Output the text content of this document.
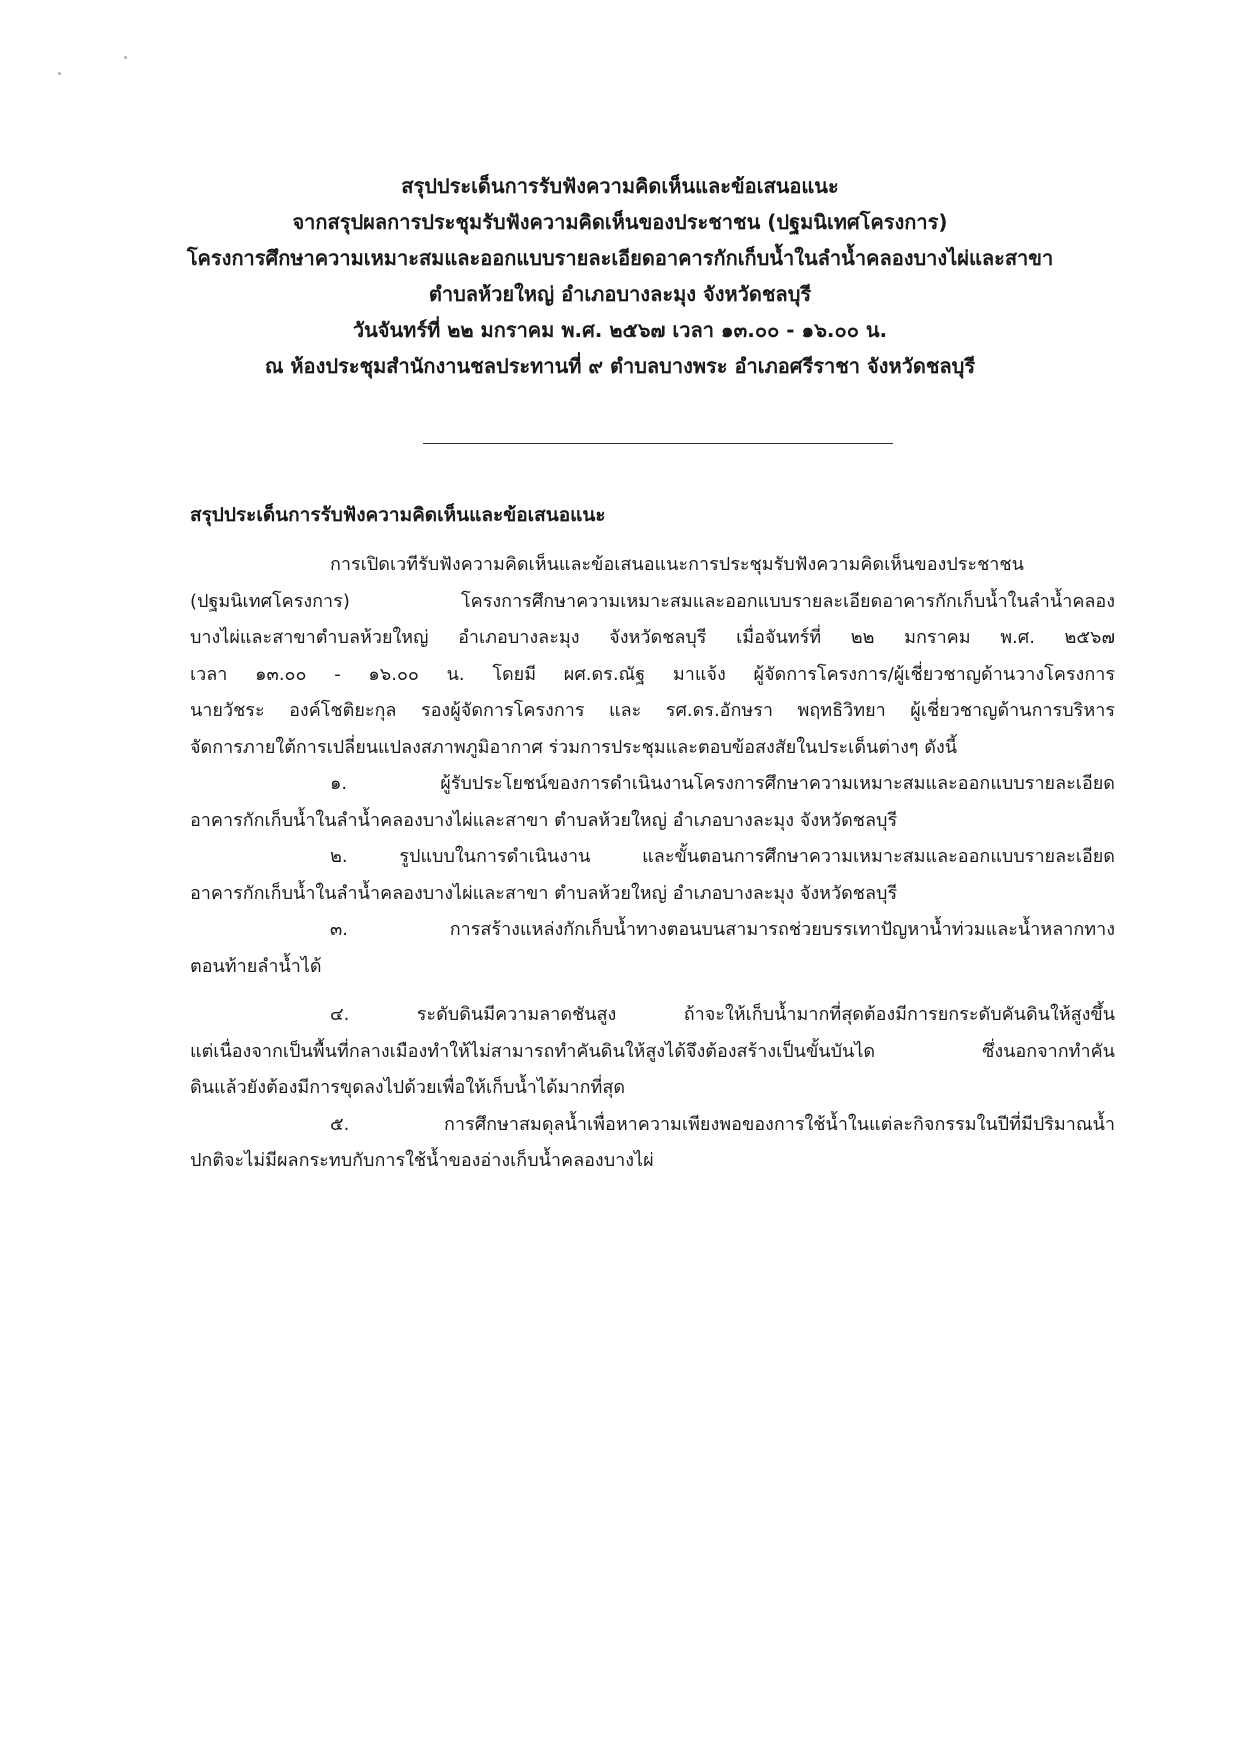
สรุปประเด็นการรับฟังความคิดเห็นและข้อเสนอแนะ
จากสรุปผลการประชุมรับฟังความคิดเห็นของประชาชน (ปฐมนิเทศโครงการ)
โครงการศึกษาความเหมาะสมและออกแบบรายละเอียดอาคารกักเก็บน้ำในลำน้ำคลองบางไผ่และสาขา
ตำบลห้วยใหญ่ อำเภอบางละมุง จังหวัดชลบุรี
วันจันทร์ที่ ๒๒ มกราคม พ.ศ. ๒๕๖๗ เวลา ๑๓.๐๐ - ๑๖.๐๐ น.
ณ ห้องประชุมสำนักงานชลประทานที่ ๙ ตำบลบางพระ อำเภอศรีราชา จังหวัดชลบุรี
สรุปประเด็นการรับฟังความคิดเห็นและข้อเสนอแนะ
การเปิดเวทีรับฟังความคิดเห็นและข้อเสนอแนะการประชุมรับฟังความคิดเห็นของประชาชน
(ปฐมนิเทศโครงการ) โครงการศึกษาความเหมาะสมและออกแบบรายละเอียดอาคารกักเก็บน้ำในลำน้ำคลอง
บางไผ่และสาขาตำบลห้วยใหญ่ อำเภอบางละมุง จังหวัดชลบุรี เมื่อจันทร์ที่ ๒๒ มกราคม พ.ศ. ๒๕๖๗
เวลา ๑๓.๐๐ - ๑๖.๐๐ น. โดยมี ผศ.ดร.ณัฐ มาแจ้ง ผู้จัดการโครงการ/ผู้เชี่ยวชาญด้านวางโครงการ
นายวัชระ องค์โชติยะกุล รองผู้จัดการโครงการ และ รศ.ดร.อักษรา พฤทธิวิทยา ผู้เชี่ยวชาญด้านการบริหาร
จัดการภายใต้การเปลี่ยนแปลงสภาพภูมิอากาศ ร่วมการประชุมและตอบข้อสงสัยในประเด็นต่างๆ ดังนี้
๑. ผู้รับประโยชน์ของการดำเนินงานโครงการศึกษาความเหมาะสมและออกแบบรายละเอียด
อาคารกักเก็บน้ำในลำน้ำคลองบางไผ่และสาขา ตำบลห้วยใหญ่ อำเภอบางละมุง จังหวัดชลบุรี
๒. รูปแบบในการดำเนินงาน และขั้นตอนการศึกษาความเหมาะสมและออกแบบรายละเอียด
อาคารกักเก็บน้ำในลำน้ำคลองบางไผ่และสาขา ตำบลห้วยใหญ่ อำเภอบางละมุง จังหวัดชลบุรี
๓. การสร้างแหล่งกักเก็บน้ำทางตอนบนสามารถช่วยบรรเทาปัญหาน้ำท่วมและน้ำหลากทาง
ตอนท้ายลำน้ำได้
๔. ระดับดินมีความลาดชันสูง ถ้าจะให้เก็บน้ำมากที่สุดต้องมีการยกระดับคันดินให้สูงขึ้น
แต่เนื่องจากเป็นพื้นที่กลางเมืองทำให้ไม่สามารถทำคันดินให้สูงได้จึงต้องสร้างเป็นขั้นบันได ซึ่งนอกจากทำคัน
ดินแล้วยังต้องมีการขุดลงไปด้วยเพื่อให้เก็บน้ำได้มากที่สุด
๕. การศึกษาสมดุลน้ำเพื่อหาความเพียงพอของการใช้น้ำในแต่ละกิจกรรมในปีที่มีปริมาณน้ำ
ปกติจะไม่มีผลกระทบกับการใช้น้ำของอ่างเก็บน้ำคลองบางไผ่
